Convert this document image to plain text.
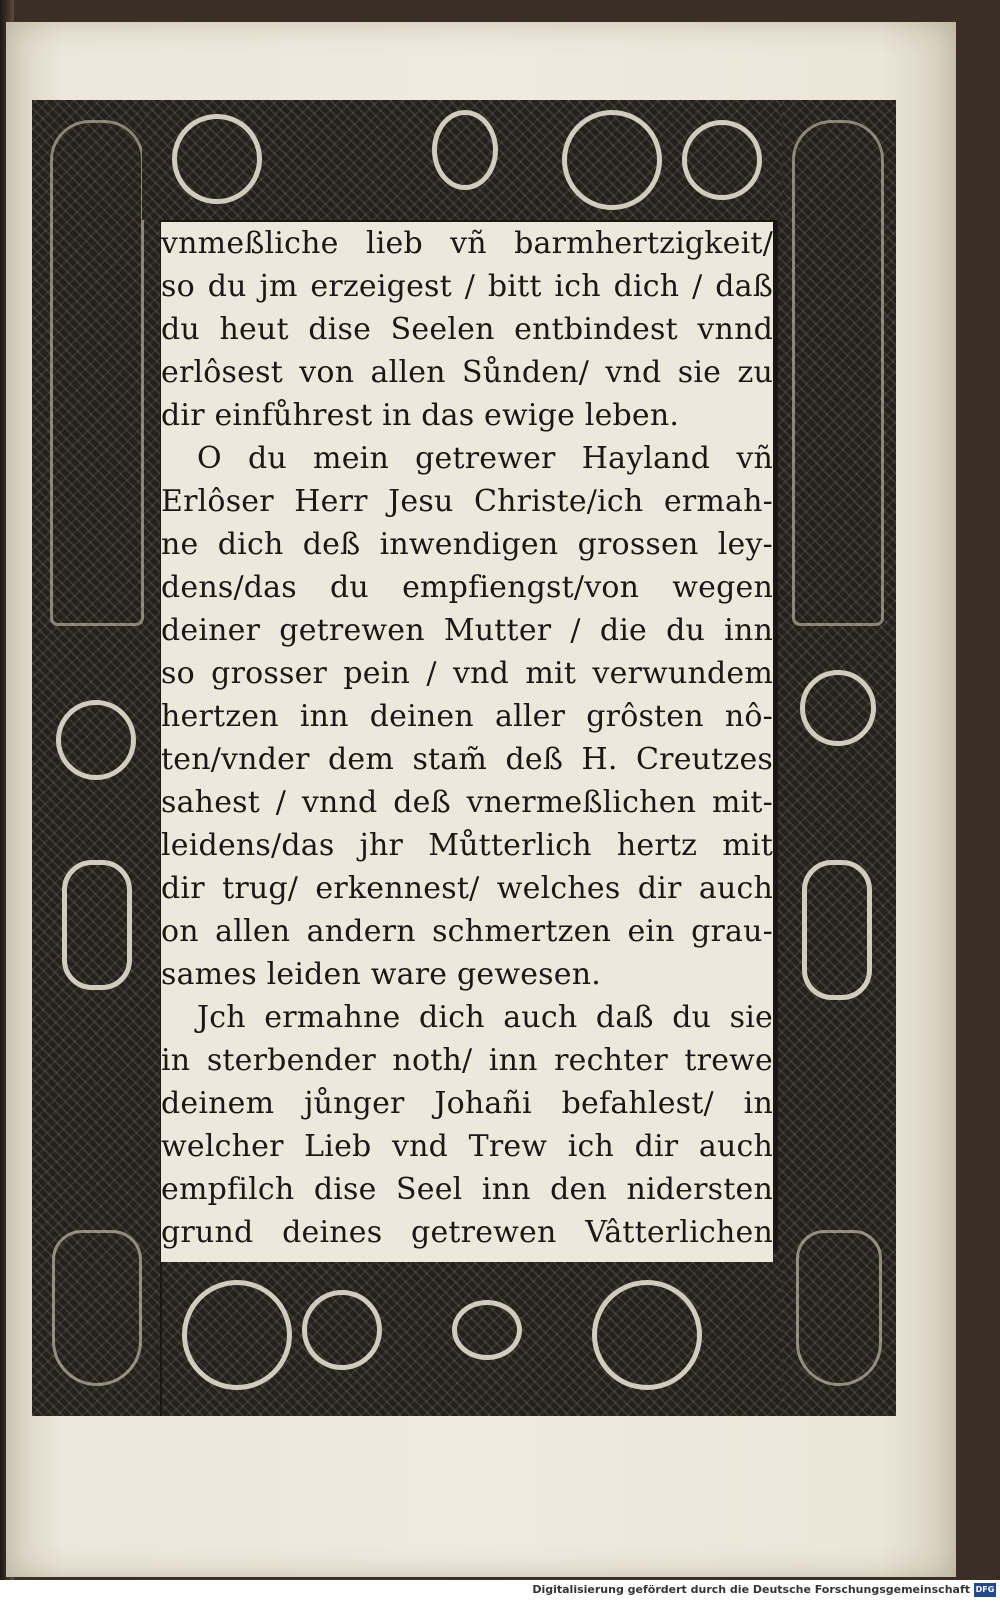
vnmeßliche lieb vñ barmhertzigkeit/
so du jm erzeigest / bitt ich dich / daß
du heut dise Seelen entbindest vnnd
erlôsest von allen Sůnden/ vnd sie zu
dir einfůhrest in das ewige leben.
O du mein getrewer Hayland vñ
Erlôser Herr Jesu Christe/ich ermah-
ne dich deß inwendigen grossen ley-
dens/das du empfiengst/von wegen
deiner getrewen Mutter / die du inn
so grosser pein / vnd mit verwundem
hertzen inn deinen aller grôsten nô-
ten/vnder dem stam̃ deß H. Creutzes
sahest / vnnd deß vnermeßlichen mit-
leidens/das jhr Můtterlich hertz mit
dir trug/ erkennest/ welches dir auch
on allen andern schmertzen ein grau-
sames leiden ware gewesen.
Jch ermahne dich auch daß du sie
in sterbender noth/ inn rechter trewe
deinem jůnger Johañi befahlest/ in
welcher Lieb vnd Trew ich dir auch
empfilch dise Seel inn den nidersten
grund deines getrewen Vâtterlichen
Digitalisierung gefördert durch die Deutsche Forschungsgemeinschaft DFG
